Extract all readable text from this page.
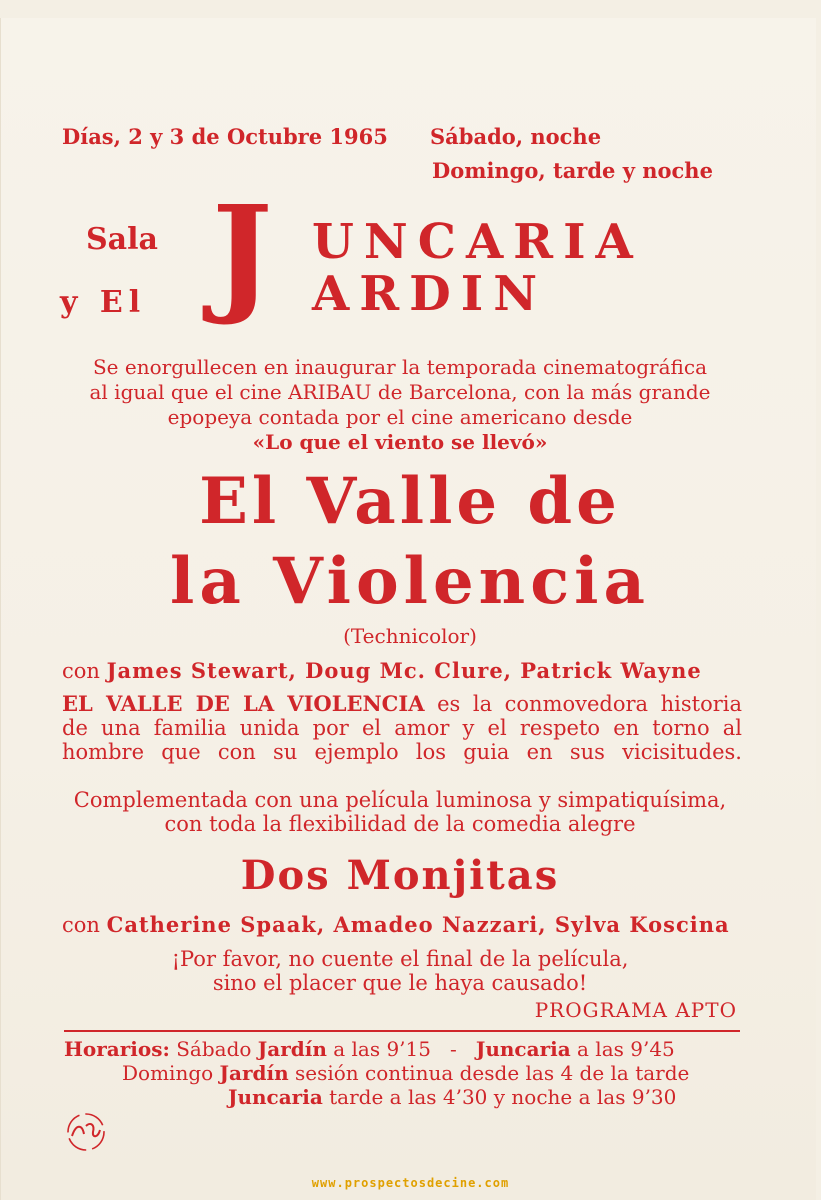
Días, 2 y 3 de Octubre 1965 Sábado, noche
Domingo, tarde y noche
Sala
y El J UNCARIA
ARDIN

Se enorgullecen en inaugurar la temporada cinematográfica

al igual que el cine ARIBAU de Barcelona, con la más grande

epopeya contada por el cine americano desde

«Lo que el viento se llevó»

El Valle de
la Violencia
(Technicolor)
con James Stewart, Doug Mc. Clure, Patrick Wayne

EL VALLE DE LA VIOLENCIA es la conmovedora historia

de una familia unida por el amor y el respeto en torno al

hombre que con su ejemplo los guia en sus vicisitudes.

Complementada con una película luminosa y simpatiquísima,

con toda la flexibilidad de la comedia alegre

Dos Monjitas
con Catherine Spaak, Amadeo Nazzari, Sylva Koscina

¡Por favor, no cuente el final de la película,

sino el placer que le haya causado!

PROGRAMA APTO
Horarios: Sábado Jardín a las 9’15   -   Juncaria a las 9’45
Domingo Jardín sesión continua desde las 4 de la tarde
Juncaria tarde a las 4’30 y noche a las 9’30
www.prospectosdecine.com
